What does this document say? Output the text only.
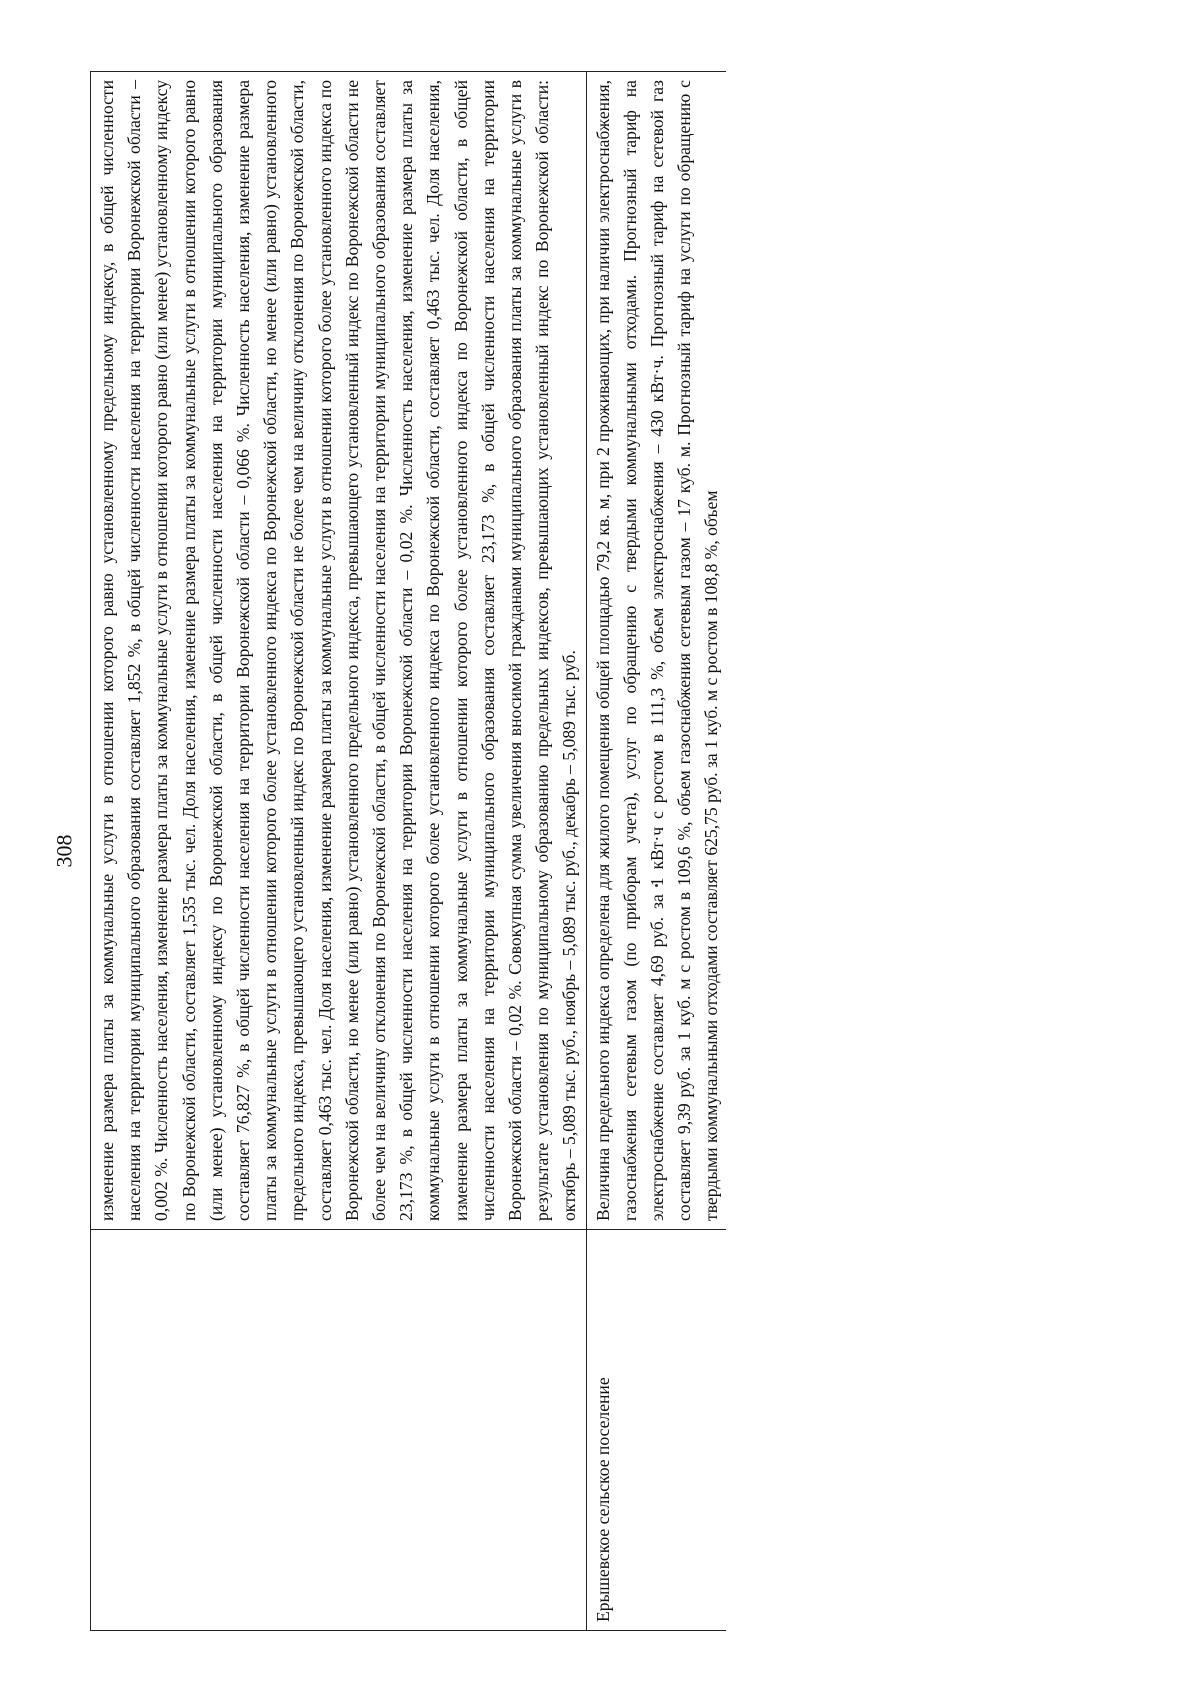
308
	изменение размера платы за коммунальные услуги в отношении которого равно установленному предельному индексу, в общей численности населения на территории муниципального образования составляет 1,852 %, в общей численности населения на территории Воронежской области – 0,002 %. Численность населения, изменение размера платы за коммунальные услуги в отношении которого равно (или менее) установленному индексу по Воронежской области, составляет 1,535 тыс. чел. Доля населения, изменение размера платы за коммунальные услуги в отношении которого равно (или менее) установленному индексу по Воронежской области, в общей численности населения на территории муниципального образования составляет 76,827 %, в общей численности населения на территории Воронежской области – 0,066 %. Численность населения, изменение размера платы за коммунальные услуги в отношении которого более установленного индекса по Воронежской области, но менее (или равно) установленного предельного индекса, превышающего установленный индекс по Воронежской области не более чем на величину отклонения по Воронежской области, составляет 0,463 тыс. чел. Доля населения, изменение размера платы за коммунальные услуги в отношении которого более установленного индекса по Воронежской области, но менее (или равно) установленного предельного индекса, превышающего установленный индекс по Воронежской области не более чем на величину отклонения по Воронежской области, в общей численности населения на территории муниципального образования составляет 23,173 %, в общей численности населения на территории Воронежской области – 0,02 %. Численность населения, изменение размера платы за коммунальные услуги в отношении которого более установленного индекса по Воронежской области, составляет 0,463 тыс. чел. Доля населения, изменение размера платы за коммунальные услуги в отношении которого более установленного индекса по Воронежской области, в общей численности населения на территории муниципального образования составляет 23,173 %, в общей численности населения на территории Воронежской области – 0,02 %. Совокупная сумма увеличения вносимой гражданами муниципального образования платы за коммунальные услуги в результате установления по муниципальному образованию предельных индексов, превышающих установленный индекс по Воронежской области: октябрь – 5,089 тыс. руб., ноябрь – 5,089 тыс. руб., декабрь – 5,089 тыс. руб.
Ерышевское сельское поселение	Величина предельного индекса определена для жилого помещения общей площадью 79,2 кв. м, при 2 проживающих, при наличии электроснабжения, газоснабжения сетевым газом (по приборам учета), услуг по обращению с твердыми коммунальными отходами. Прогнозный тариф на электроснабжение составляет 4,69 руб. за 1 кВт·ч с ростом в 111,3 %, объем электроснабжения – 430 кВт·ч. Прогнозный тариф на сетевой газ составляет 9,39 руб. за 1 куб. м с ростом в 109,6 %, объем газоснабжения сетевым газом – 17 куб. м. Прогнозный тариф на услуги по обращению с твердыми коммунальными отходами составляет 625,75 руб. за 1 куб. м с ростом в 108,8 %, объем
